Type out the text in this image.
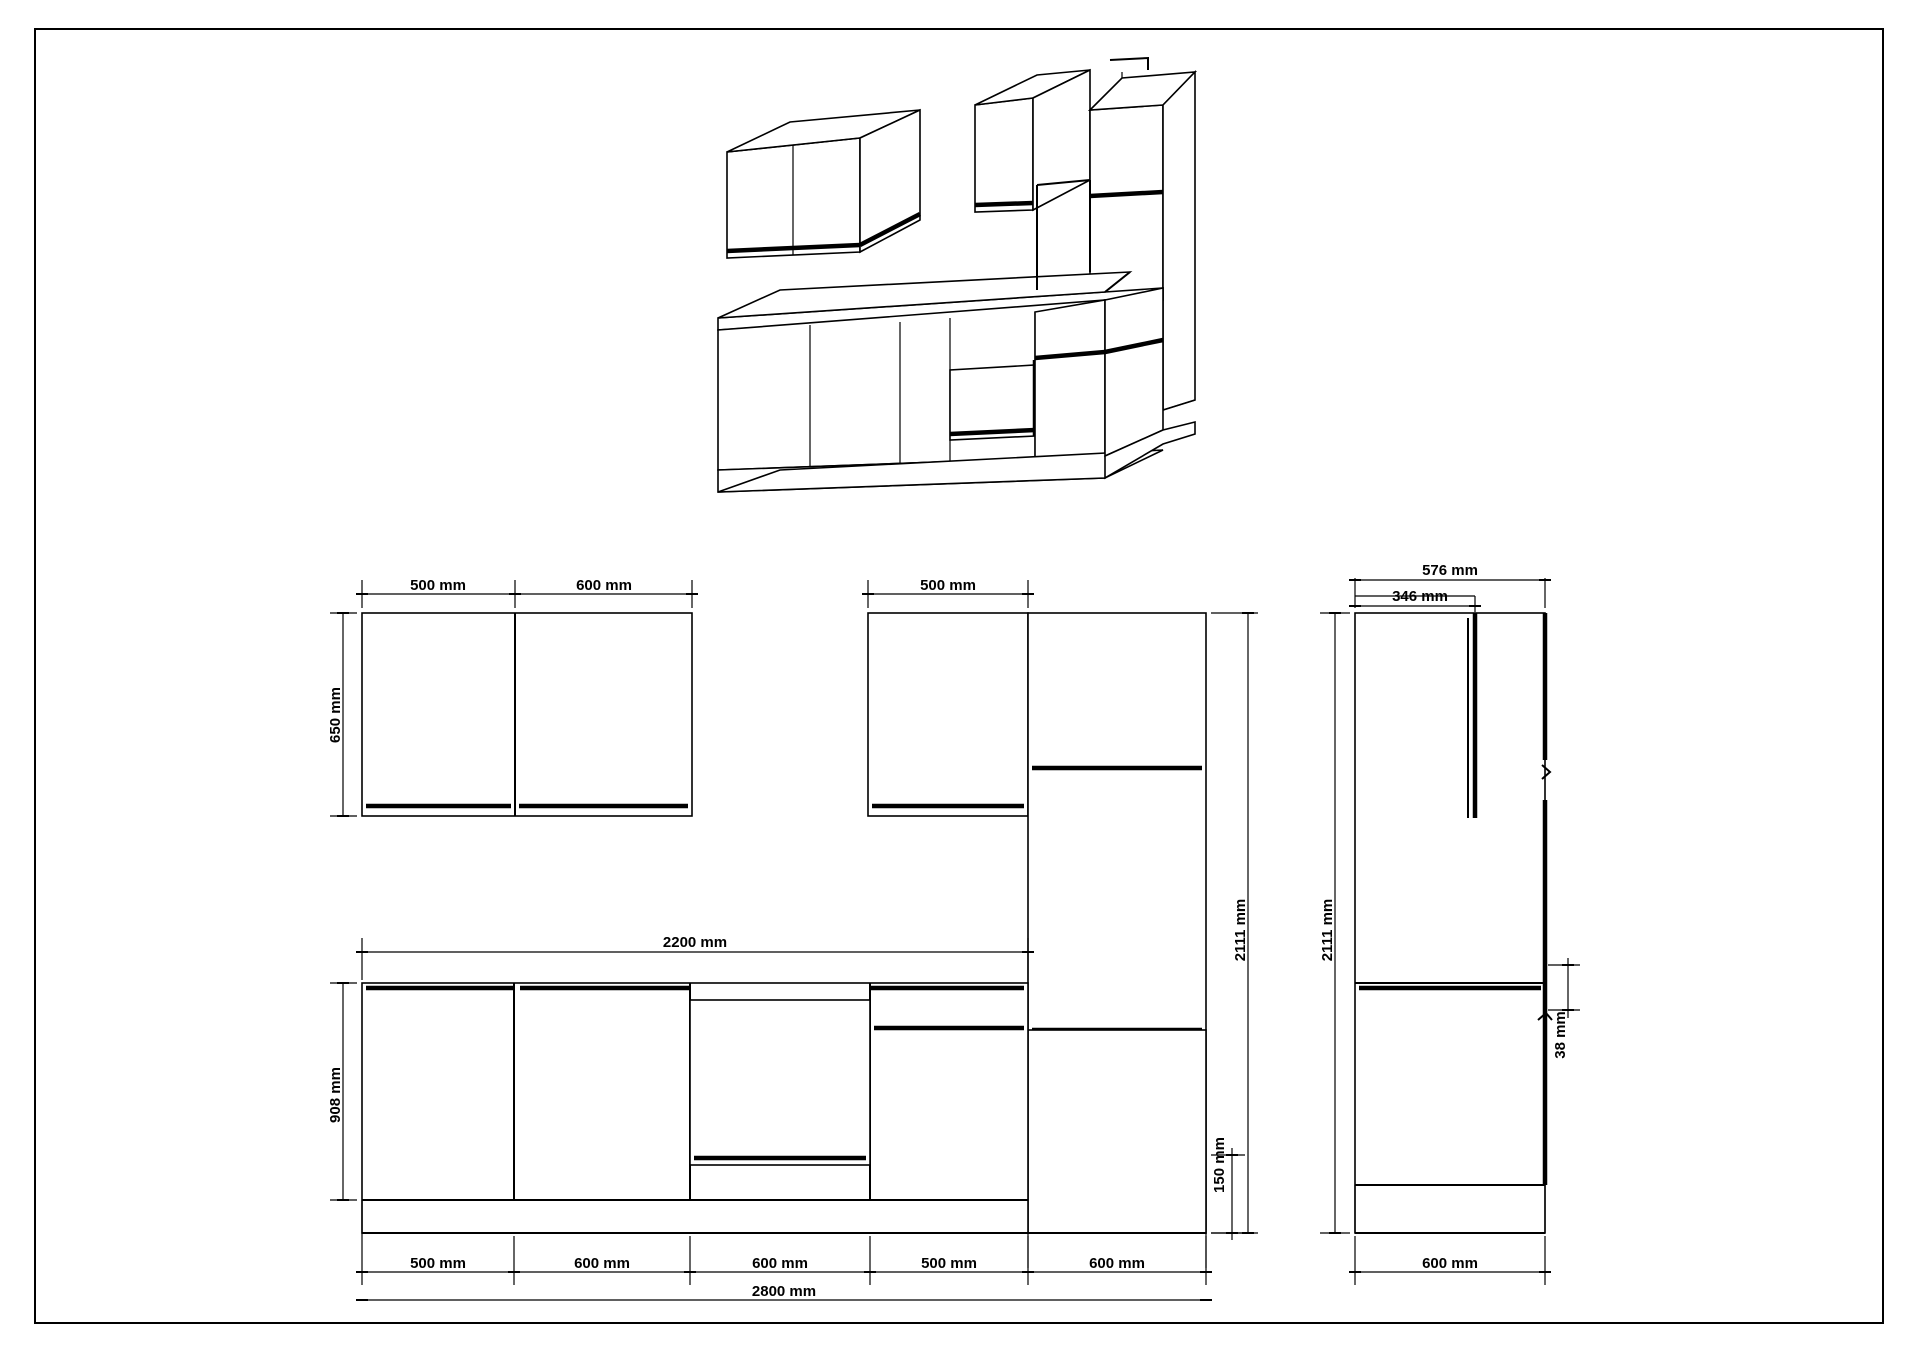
500 mm	600 mm
650 mm
500 mm
2111 mm
150 mm
2200 mm
908 mm
500 mm	600 mm	600 mm	500 mm	600 mm
2800 mm
576 mm
346 mm
2111 mm
38 mm
600 mm
